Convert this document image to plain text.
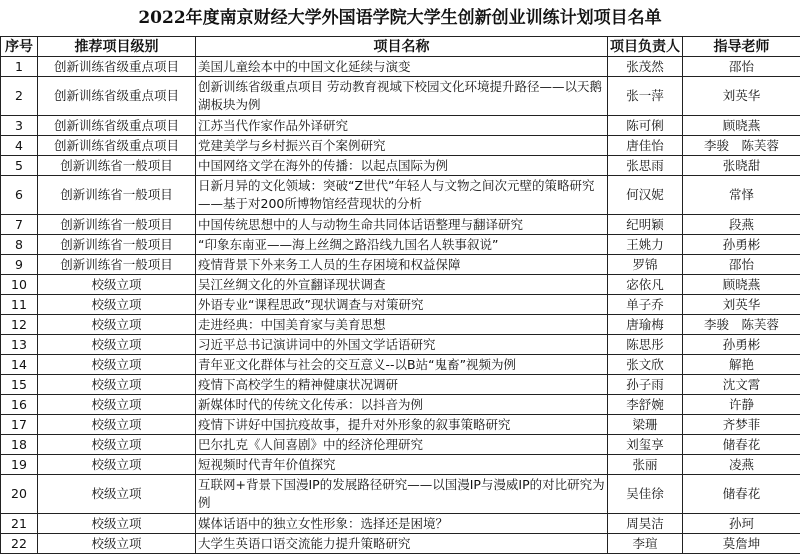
2022年度南京财经大学外国语学院大学生创新创业训练计划项目名单
序号	推荐项目级别	项目名称	项目负责人	指导老师
1	创新训练省级重点项目	美国儿童绘本中的中国文化延续与演变	张茂然	邵怡
2	创新训练省级重点项目	创新训练省级重点项目 劳动教育视域下校园文化环境提升路径——以天鹅湖板块为例	张一萍	刘英华
3	创新训练省级重点项目	江苏当代作家作品外译研究	陈可俐	顾晓燕
4	创新训练省级重点项目	党建美学与乡村振兴百个案例研究	唐佳怡	李骏　陈芙蓉
5	创新训练省一般项目	中国网络文学在海外的传播：以起点国际为例	张思雨	张晓甜
6	创新训练省一般项目	日新月异的文化领域：突破“Z世代”年轻人与文物之间次元壁的策略研究——基于对200所博物馆经营现状的分析	何汉妮	常怿
7	创新训练省一般项目	中国传统思想中的人与动物生命共同体话语整理与翻译研究	纪明颖	段燕
8	创新训练省一般项目	“印象东南亚——海上丝绸之路沿线九国名人轶事叙说”	王姚力	孙勇彬
9	创新训练省一般项目	疫情背景下外来务工人员的生存困境和权益保障	罗锦	邵怡
10	校级立项	吴江丝绸文化的外宣翻译现状调查	宓依凡	顾晓燕
11	校级立项	外语专业“课程思政”现状调查与对策研究	单子乔	刘英华
12	校级立项	走进经典：中国美育家与美育思想	唐瑜梅	李骏　陈芙蓉
13	校级立项	习近平总书记演讲词中的外国文学话语研究	陈思彤	孙勇彬
14	校级立项	青年亚文化群体与社会的交互意义--以B站“鬼畜”视频为例	张文欣	解艳
15	校级立项	疫情下高校学生的精神健康状况调研	孙子雨	沈文霄
16	校级立项	新媒体时代的传统文化传承：以抖音为例	李舒婉	许静
17	校级立项	疫情下讲好中国抗疫故事，提升对外形象的叙事策略研究	梁珊	齐梦菲
18	校级立项	巴尔扎克《人间喜剧》中的经济伦理研究	刘玺享	储春花
19	校级立项	短视频时代青年价值探究	张丽	凌燕
20	校级立项	互联网+背景下国漫IP的发展路径研究——以国漫IP与漫威IP的对比研究为例	吴佳徐	储春花
21	校级立项	媒体话语中的独立女性形象：选择还是困境？	周昊洁	孙珂
22	校级立项	大学生英语口语交流能力提升策略研究	李瑄	莫詹坤
